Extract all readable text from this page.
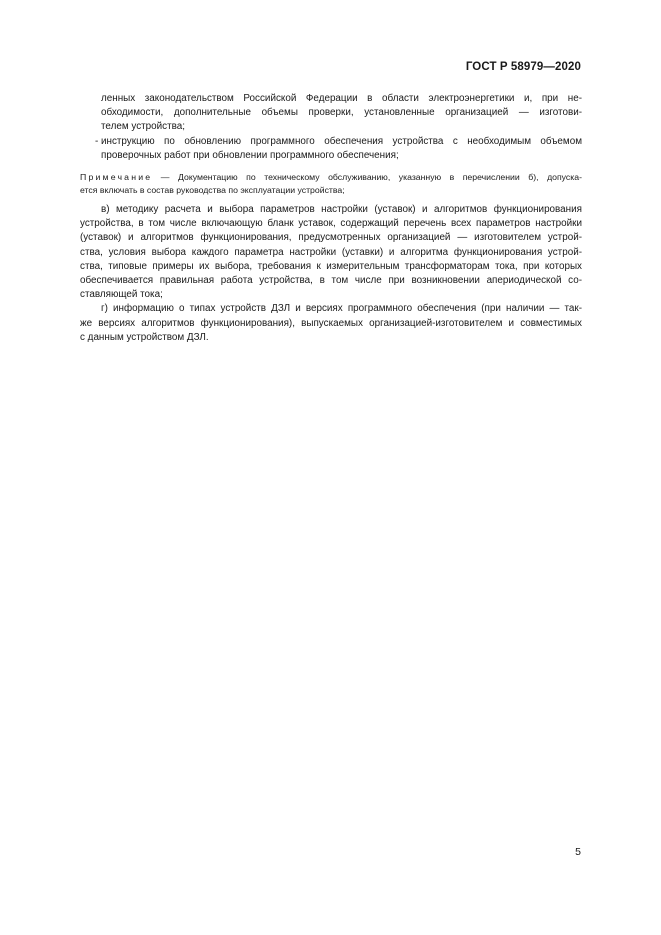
ГОСТ Р 58979—2020
ленных законодательством Российской Федерации в области электроэнергетики и, при не-
обходимости, дополнительные объемы проверки, установленные организацией — изготови-
телем устройства;
- инструкцию по обновлению программного обеспечения устройства с необходимым объемом
проверочных работ при обновлении программного обеспечения;
Примечание — Документацию по техническому обслуживанию, указанную в перечислении б), допуска-
ется включать в состав руководства по эксплуатации устройства;
в) методику расчета и выбора параметров настройки (уставок) и алгоритмов функционирования
устройства, в том числе включающую бланк уставок, содержащий перечень всех параметров настройки
(уставок) и алгоритмов функционирования, предусмотренных организацией — изготовителем устрой-
ства, условия выбора каждого параметра настройки (уставки) и алгоритма функционирования устрой-
ства, типовые примеры их выбора, требования к измерительным трансформаторам тока, при которых
обеспечивается правильная работа устройства, в том числе при возникновении апериодической со-
ставляющей тока;
г) информацию о типах устройств ДЗЛ и версиях программного обеспечения (при наличии — так-
же версиях алгоритмов функционирования), выпускаемых организацией-изготовителем и совместимых
с данным устройством ДЗЛ.
5
